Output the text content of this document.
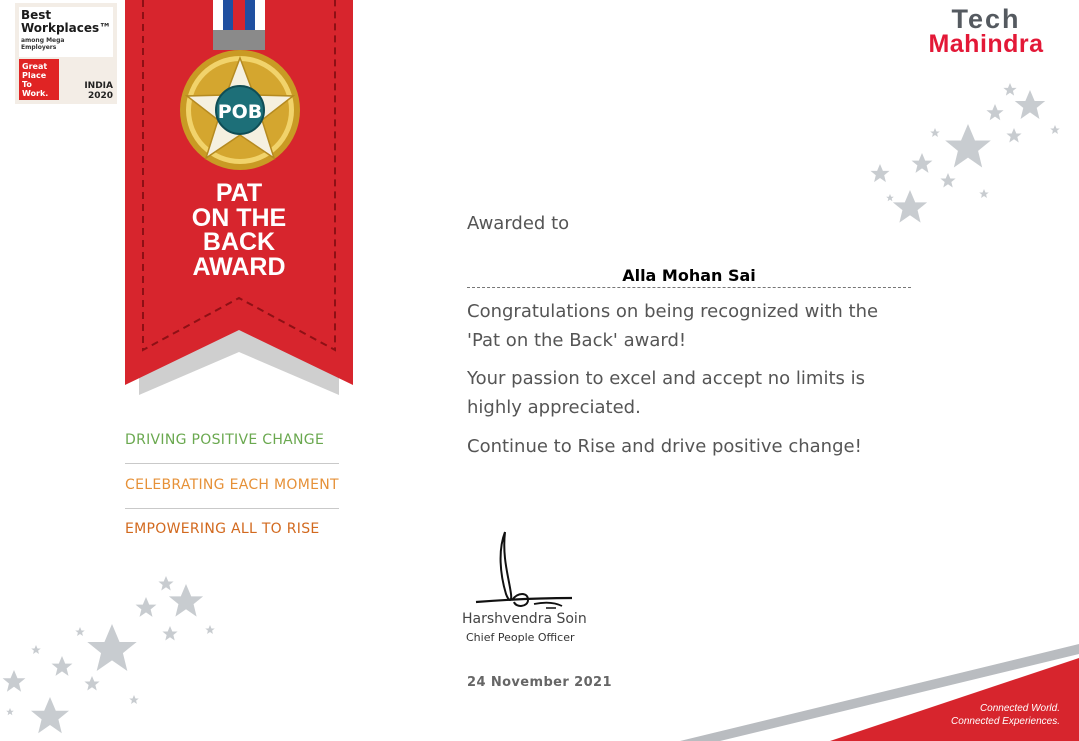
Best
Workplaces™
among Mega
Employers
Great
Place
To
Work.
INDIA
2020
POB
PAT
ON THE
BACK
AWARD
DRIVING POSITIVE CHANGE
CELEBRATING EACH MOMENT
EMPOWERING ALL TO RISE
Tech
Mahindra
Awarded to
Alla Mohan Sai
Congratulations on being recognized with the
'Pat on the Back' award!
Your passion to excel and accept no limits is
highly appreciated.
Continue to Rise and drive positive change!
Harshvendra Soin
Chief People Officer
24 November 2021
Connected World.
Connected Experiences.
